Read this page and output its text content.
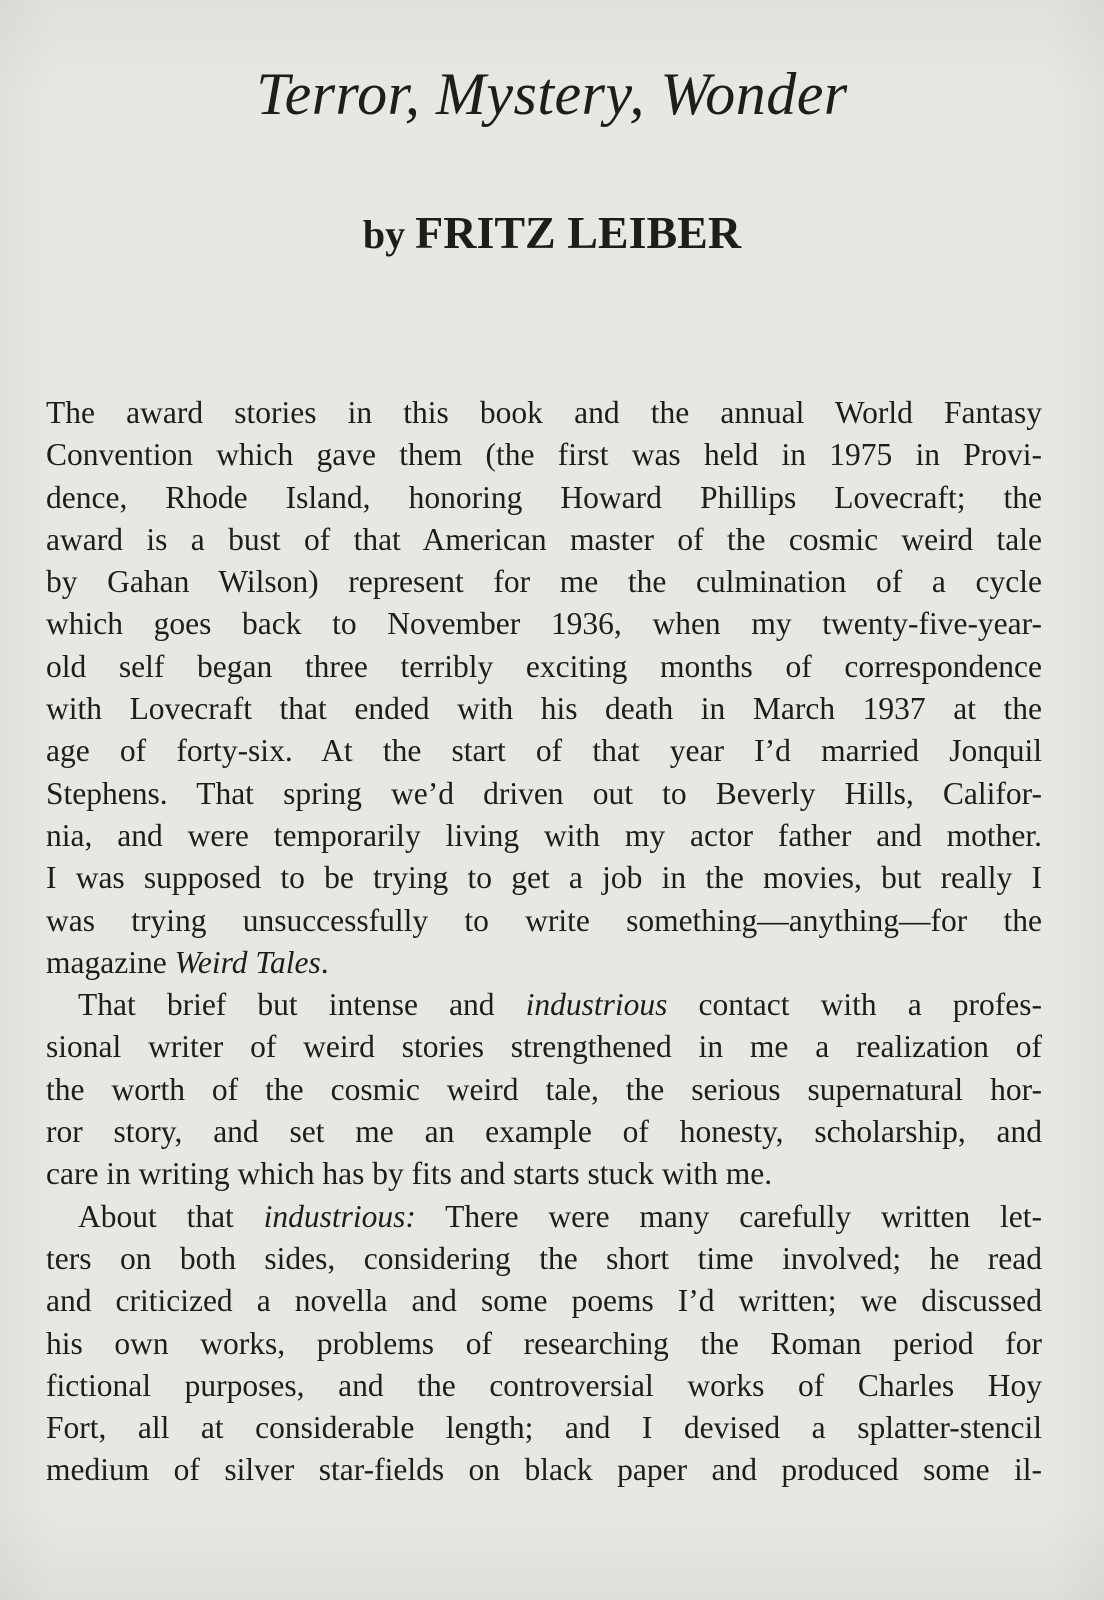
Terror, Mystery, Wonder
by FRITZ LEIBER
The award stories in this book and the annual World Fantasy
Convention which gave them (the first was held in 1975 in Provi-
dence, Rhode Island, honoring Howard Phillips Lovecraft; the
award is a bust of that American master of the cosmic weird tale
by Gahan Wilson) represent for me the culmination of a cycle
which goes back to November 1936, when my twenty-five-year-
old self began three terribly exciting months of correspondence
with Lovecraft that ended with his death in March 1937 at the
age of forty-six. At the start of that year I’d married Jonquil
Stephens. That spring we’d driven out to Beverly Hills, Califor-
nia, and were temporarily living with my actor father and mother.
I was supposed to be trying to get a job in the movies, but really I
was trying unsuccessfully to write something—anything—for the
magazine Weird Tales.
That brief but intense and industrious contact with a profes-
sional writer of weird stories strengthened in me a realization of
the worth of the cosmic weird tale, the serious supernatural hor-
ror story, and set me an example of honesty, scholarship, and
care in writing which has by fits and starts stuck with me.
About that industrious: There were many carefully written let-
ters on both sides, considering the short time involved; he read
and criticized a novella and some poems I’d written; we discussed
his own works, problems of researching the Roman period for
fictional purposes, and the controversial works of Charles Hoy
Fort, all at considerable length; and I devised a splatter-stencil
medium of silver star-fields on black paper and produced some il-
